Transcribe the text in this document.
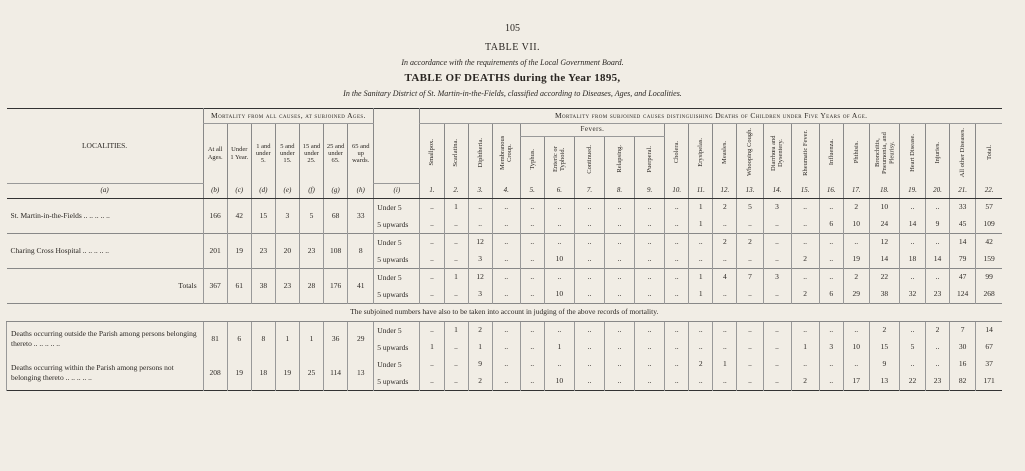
105
TABLE VII.
In accordance with the requirements of the Local Government Board.
TABLE OF DEATHS during the Year 1895,
In the Sanitary District of St. Martin-in-the-Fields, classified according to Diseases, Ages, and Localities.
LOCALITIES.	Mortality from all causes, at subjoined Ages.								Mortality from subjoined causes distinguishing Deaths of Children under Five Years of Age.																					
	At all Ages.	Under 1 Year.	1 and under 5.	5 and under 15.	15 and under 25.	25 and under 65.	65 and up wards.		Smallpox.	Scarlatina.	Diphtheria.	Membranous Croup.	Fevers.					Cholera.	Erysipelas.	Measles.	Whooping Cough.	Diarrhœa and Dysentery.	Rheumatic Fever.	Influenza.	Phthisis.	Bronchitis, Pneumonia, and Pleurisy.	Heart Disease.	Injuries.	All other Diseases.	Total.
													Typhus.	Enteric or Typhoid.	Continued.	Relapsing.	Puerperal.													
(a)	(b)	(c)	(d)	(e)	(f)	(g)	(h)	(i)	1.	2.	3.	4.	5.	6.	7.	8.	9.	10.	11.	12.	13.	14.	15.	16.	17.	18.	19.	20.	21.	22.
St. Martin-in-the-Fields .. .. .. .. ..	166	42	15	3	5	68	33	Under 5	..	1	..	..	..	..	..	..	..	..	1	2	5	3	..	..	2	10	..	..	33	57
								5 upwards	..	..	..	..	..	..	..	..	..	..	1	..	..	..	..	6	10	24	14	9	45	109
Charing Cross Hospital .. .. .. .. ..	201	19	23	20	23	108	8	Under 5	..	..	12	..	..	..	..	..	..	..	..	2	2	..	..	..	..	12	..	..	14	42
								5 upwards	..	..	3	..	..	10	..	..	..	..	..	..	..	..	2	..	19	14	18	14	79	159
Totals	367	61	38	23	28	176	41	Under 5	..	1	12	..	..	..	..	..	..	..	1	4	7	3	..	..	2	22	..	..	47	99
								5 upwards	..	..	3	..	..	10	..	..	..	..	1	..	..	..	2	6	29	38	32	23	124	268
The subjoined numbers have also to be taken into account in judging of the above records of mortality.																														
Deaths occurring outside the Parish among persons belonging thereto .. .. .. .. ..	81	6	8	1	1	36	29	Under 5	..	1	2	..	..	..	..	..	..	..	..	..	..	..	..	..	..	2	..	2	7	14
								5 upwards	1	..	1	..	..	1	..	..	..	..	..	..	..	..	1	3	10	15	5	..	30	67
Deaths occurring within the Parish among persons not belonging thereto .. .. .. .. ..	208	19	18	19	25	114	13	Under 5	..	..	9	..	..	..	..	..	..	..	2	1	..	..	..	..	..	9	..	..	16	37
								5 upwards	..	..	2	..	..	10	..	..	..	..	..	..	..	..	2	..	17	13	22	23	82	171
